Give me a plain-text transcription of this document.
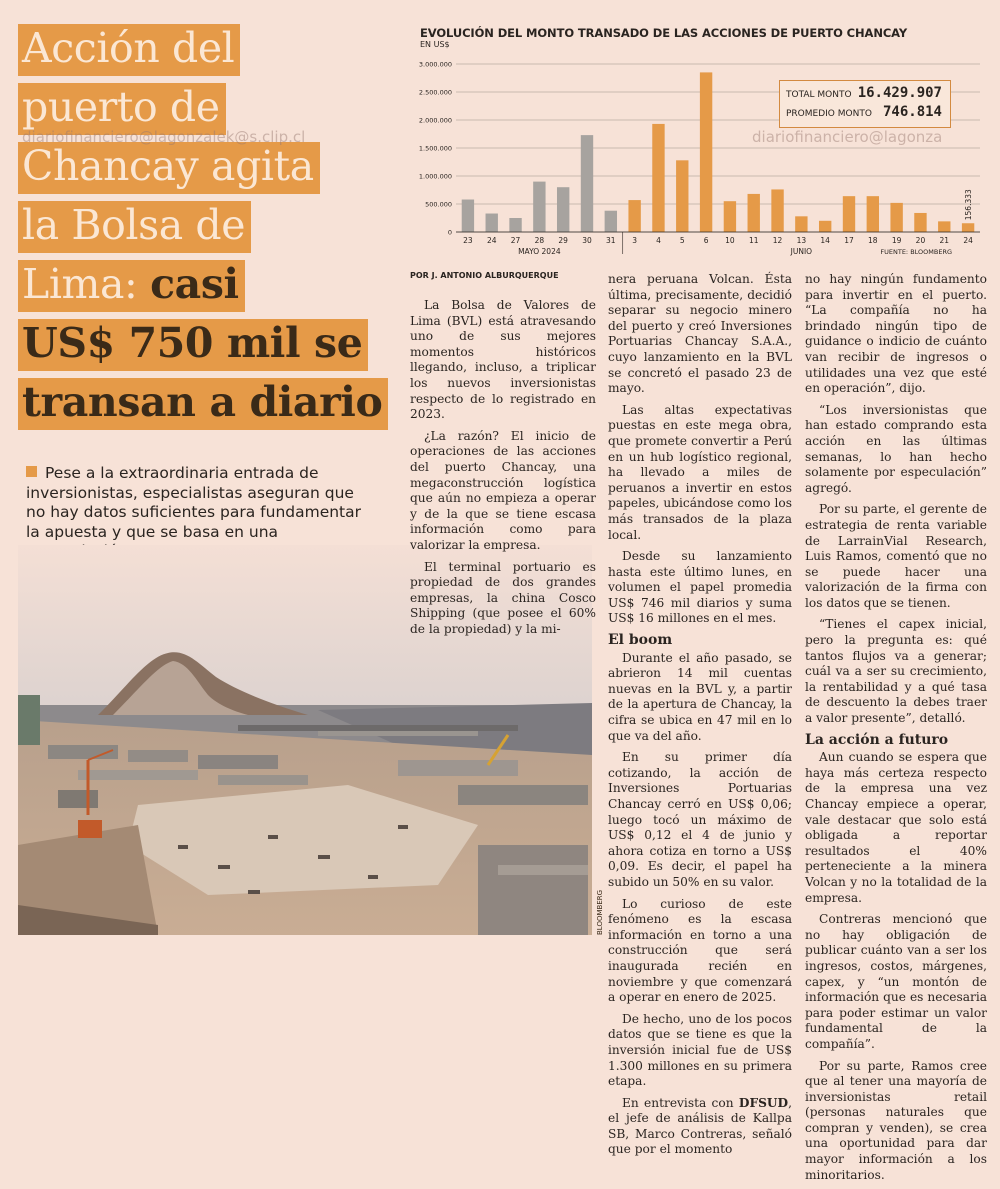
Acción del
puerto de
Chancay agita
la Bolsa de
Lima: casi
US$ 750 mil se
transan a diario
Pese a la extraordinaria entrada de inversionistas, especialistas aseguran que no hay datos suficientes para fundamentar la apuesta y que se basa en una
BLOOMBERG
EVOLUCIÓN DEL MONTO TRANSADO DE LAS ACCIONES DE PUERTO CHANCAY
EN US$
0
500.000
1.000.000
1.500.000
2.000.000
2.500.000
3.000.000
23 24 27 28 29 30 31 3	4	5	6 10 11 12 13 14 17 18 19 20 21 24
156.333
MAYO 2024	JUNIO	FUENTE: BLOOMBERG
TOTAL MONTO 16.429.907
PROMEDIO MONTO 746.814
diariofinanciero@lagonzalek@s.clip.cl	diariofinanciero@lagonza
POR J. ANTONIO ALBURQUERQUE

La Bolsa de Valores de Lima (BVL) está atravesando uno de sus mejores momentos históricos llegando, incluso, a triplicar los nuevos inversionistas respecto de lo registrado en 2023.

¿La razón? El inicio de operaciones de las acciones del puerto Chancay, una megaconstrucción logística que aún no empieza a operar y de la que se tiene escasa información como para valorizar la empresa.

El terminal portuario es propiedad de dos grandes empresas, la china Cosco Shipping (que posee el 60% de la propiedad) y la mi-

nera peruana Volcan. Ésta última, precisamente, decidió separar su negocio minero del puerto y creó Inversiones Portuarias Chancay S.A.A., cuyo lanzamiento en la BVL se concretó el pasado 23 de mayo.

Las altas expectativas puestas en este mega obra, que promete convertir a Perú en un hub logístico regional, ha llevado a miles de peruanos a invertir en estos papeles, ubicándose como los más transados de la plaza local.

Desde su lanzamiento hasta este último lunes, en volumen el papel promedia US$ 746 mil diarios y suma US$ 16 millones en el mes.

El boom

Durante el año pasado, se abrieron 14 mil cuentas nuevas en la BVL y, a partir de la apertura de Chancay, la cifra se ubica en 47 mil en lo que va del año.

En su primer día cotizando, la acción de Inversiones Portuarias Chancay cerró en US$ 0,06; luego tocó un máximo de US$ 0,12 el 4 de junio y ahora cotiza en torno a US$ 0,09. Es decir, el papel ha subido un 50% en su valor.

Lo curioso de este fenómeno es la escasa información en torno a una construcción que será inaugurada recién en noviembre y que comenzará a operar en enero de 2025.

De hecho, uno de los pocos datos que se tiene es que la inversión inicial fue de US$ 1.300 millones en su primera etapa.

En entrevista con DFSUD, el jefe de análisis de Kallpa SB, Marco Contreras, señaló que por el momento

no hay ningún fundamento para invertir en el puerto. “La compañía no ha brindado ningún tipo de guidance o indicio de cuánto van recibir de ingresos o utilidades una vez que esté en operación”, dijo.

“Los inversionistas que han estado comprando esta acción en las últimas semanas, lo han hecho solamente por especulación” agregó.

Por su parte, el gerente de estrategia de renta variable de LarrainVial Research, Luis Ramos, comentó que no se puede hacer una valorización de la firma con los datos que se tienen.

“Tienes el capex inicial, pero la pregunta es: qué tantos flujos va a generar; cuál va a ser su crecimiento, la rentabilidad y a qué tasa de descuento la debes traer a valor presente”, detalló.

La acción a futuro

Aun cuando se espera que haya más certeza respecto de la empresa una vez Chancay empiece a operar, vale destacar que solo está obligada a reportar resultados el 40% perteneciente a la minera Volcan y no la totalidad de la empresa.

Contreras mencionó que no hay obligación de publicar cuánto van a ser los ingresos, costos, márgenes, capex, y “un montón de información que es necesaria para poder estimar un valor fundamental de la compañía”.

Por su parte, Ramos cree que al tener una mayoría de inversionistas retail (personas naturales que compran y venden), se crea una oportunidad para dar mayor información a los minoritarios.
